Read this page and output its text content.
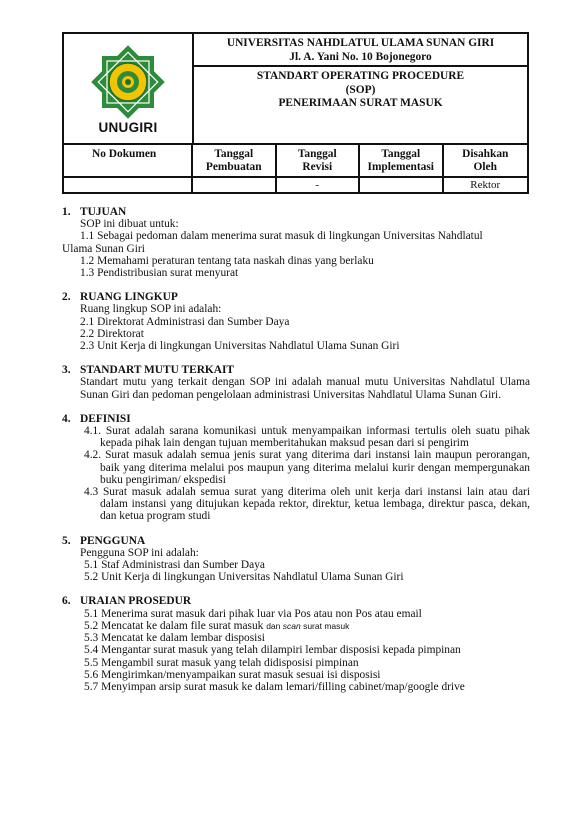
UNUGIRI
UNIVERSITAS NAHDLATUL ULAMA SUNAN GIRI
Jl. A. Yani No. 10 Bojonegoro
STANDART OPERATING PROCEDURE
(SOP)
PENERIMAAN SURAT MASUK
No Dokumen	Tanggal
Pembuatan
Tanggal
Revisi
Tanggal
Implementasi
Disahkan
Oleh
-	Rektor
1. TUJUAN
SOP ini dibuat untuk:
1.1 Sebagai pedoman dalam menerima surat masuk di lingkungan Universitas Nahdlatul
Ulama Sunan Giri
1.2 Memahami peraturan tentang tata naskah dinas yang berlaku
1.3 Pendistribusian surat menyurat
2. RUANG LINGKUP
Ruang lingkup SOP ini adalah:
2.1 Direktorat Administrasi dan Sumber Daya
2.2 Direktorat
2.3 Unit Kerja di lingkungan Universitas Nahdlatul Ulama Sunan Giri
3. STANDART MUTU TERKAIT
Standart mutu yang terkait dengan SOP ini adalah manual mutu Universitas Nahdlatul Ulama Sunan Giri dan pedoman pengelolaan administrasi Universitas Nahdlatul Ulama Sunan Giri.
4. DEFINISI
4.1. Surat adalah sarana komunikasi untuk menyampaikan informasi tertulis oleh suatu pihak kepada pihak lain dengan tujuan memberitahukan maksud pesan dari si pengirim
4.2. Surat masuk adalah semua jenis surat yang diterima dari instansi lain maupun perorangan, baik yang diterima melalui pos maupun yang diterima melalui kurir dengan mempergunakan buku pengiriman/ ekspedisi
4.3 Surat masuk adalah semua surat yang diterima oleh unit kerja dari instansi lain atau dari dalam instansi yang ditujukan kepada rektor, direktur, ketua lembaga, direktur pasca, dekan, dan ketua program studi
5. PENGGUNA
Pengguna SOP ini adalah:
5.1 Staf Administrasi dan Sumber Daya
5.2 Unit Kerja di lingkungan Universitas Nahdlatul Ulama Sunan Giri
6. URAIAN PROSEDUR
5.1 Menerima surat masuk dari pihak luar via Pos atau non Pos atau email
5.2 Mencatat ke dalam file surat masuk dan scan surat masuk
5.3 Mencatat ke dalam lembar disposisi
5.4 Mengantar surat masuk yang telah dilampiri lembar disposisi kepada pimpinan
5.5 Mengambil surat masuk yang telah didisposisi pimpinan
5.6 Mengirimkan/menyampaikan surat masuk sesuai isi disposisi
5.7 Menyimpan arsip surat masuk ke dalam lemari/filling cabinet/map/google drive
